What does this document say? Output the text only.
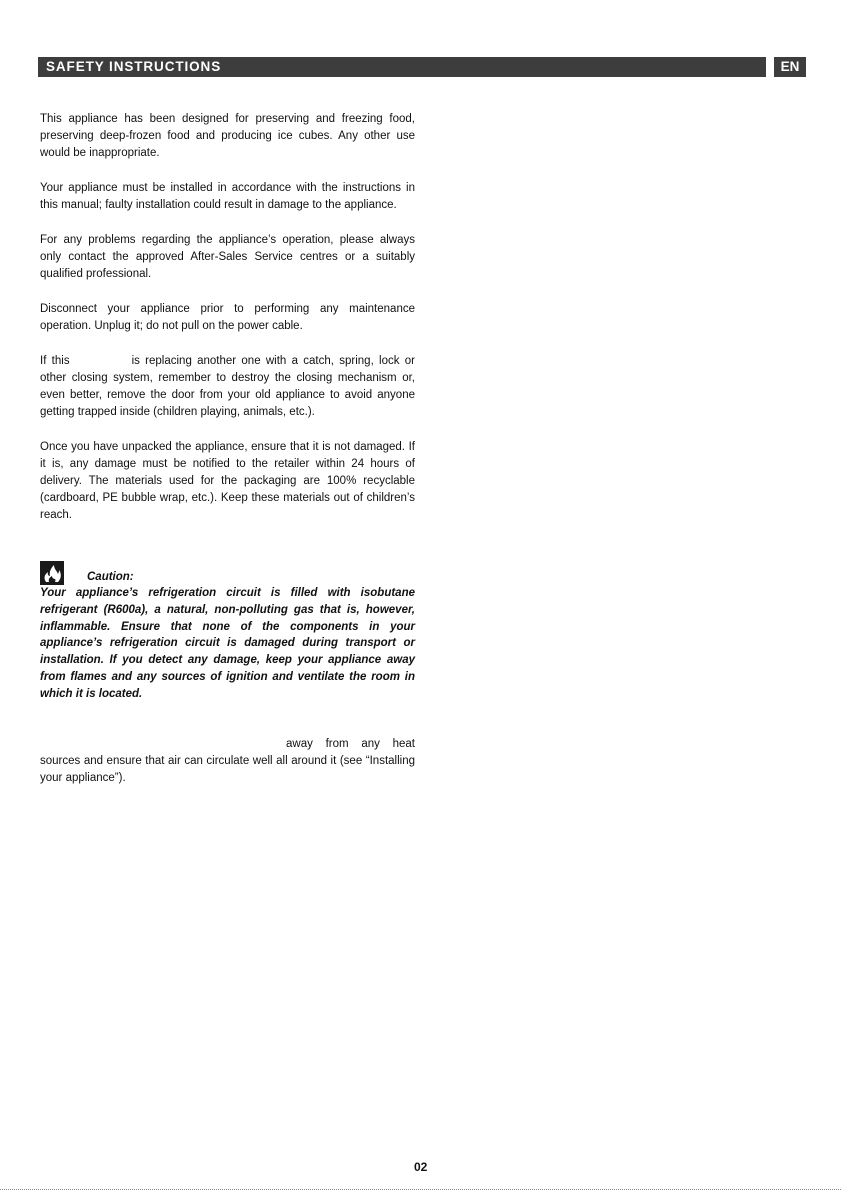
SAFETY INSTRUCTIONS	EN

This appliance has been designed for preserving and freezing food, preserving deep-frozen food and producing ice cubes. Any other use would be inappropriate.

Your appliance must be installed in accordance with the instructions in this manual; faulty installation could result in damage to the appliance.

For any problems regarding the appliance’s operation, please always only contact the approved After-Sales Service centres or a suitably qualified professional.

Disconnect your appliance prior to performing any maintenance operation. Unplug it; do not pull on the power cable.

If this	is replacing another one with a catch, spring, lock or other closing system, remember to destroy the closing mechanism or, even better, remove the door from your old appliance to avoid anyone getting trapped inside (children playing, animals, etc.).

Once you have unpacked the appliance, ensure that it is not damaged. If it is, any damage must be notified to the retailer within 24 hours of delivery. The materials used for the packaging are 100% recyclable (cardboard, PE bubble wrap, etc.). Keep these materials out of children’s reach.

Caution:

Your appliance’s refrigeration circuit is filled with isobutane refrigerant (R600a), a natural, non-polluting gas that is, however, inflammable. Ensure that none of the components in your appliance’s refrigeration circuit is damaged during transport or installation. If you detect any damage, keep your appliance away from flames and any sources of ignition and ventilate the room in which it is located.

away from any heat sources and ensure that air can circulate well all around it (see “Installing your appliance”).

02
